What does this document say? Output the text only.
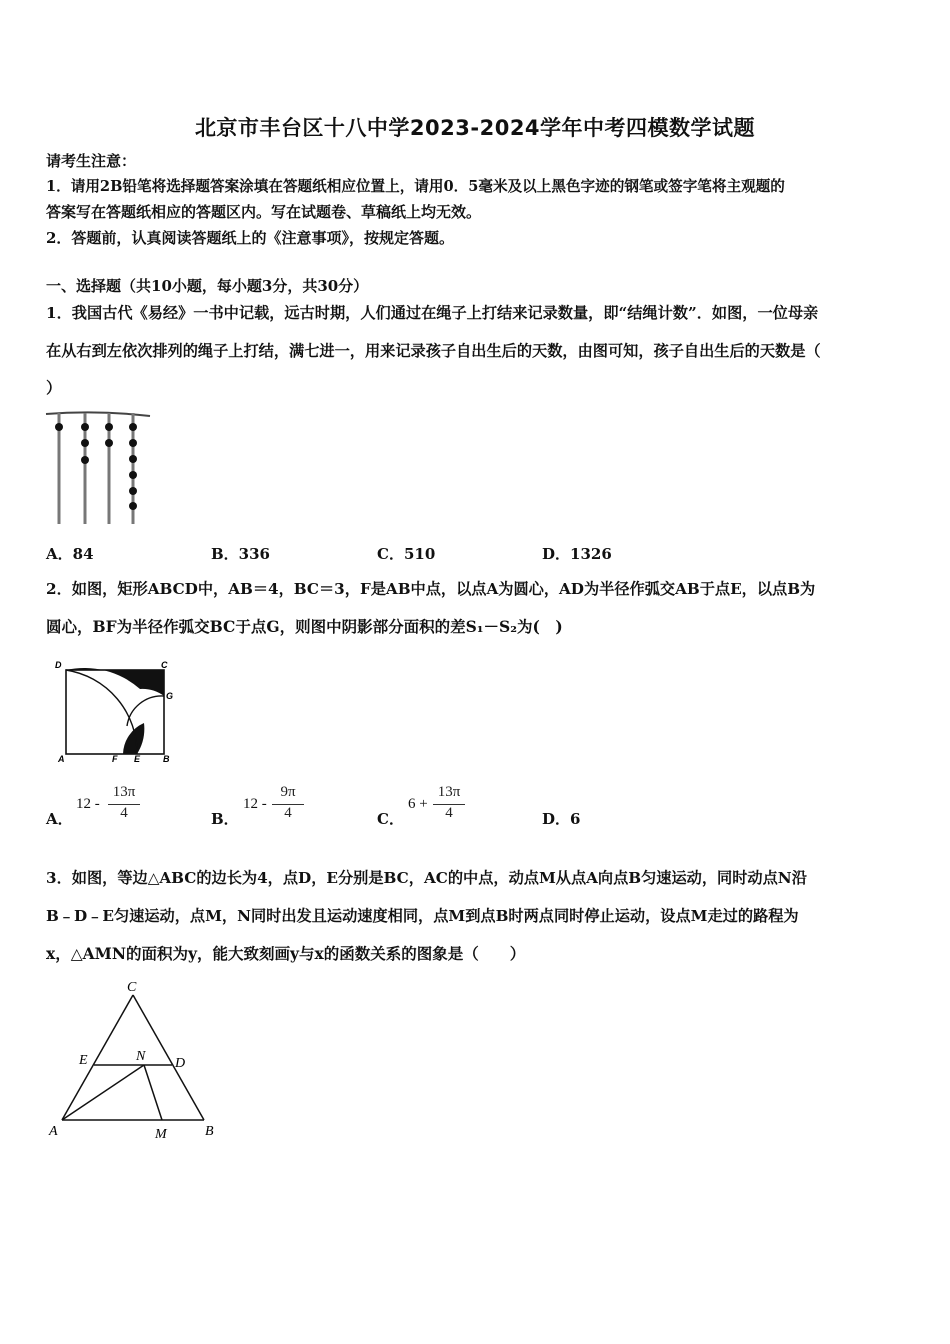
北京市丰台区十八中学2023-2024学年中考四模数学试题
请考生注意：
1．请用2B铅笔将选择题答案涂填在答题纸相应位置上，请用0．5毫米及以上黑色字迹的钢笔或签字笔将主观题的
答案写在答题纸相应的答题区内。写在试题卷、草稿纸上均无效。
2．答题前，认真阅读答题纸上的《注意事项》，按规定答题。
一、选择题（共10小题，每小题3分，共30分）
1．我国古代《易经》一书中记载，远古时期，人们通过在绳子上打结来记录数量，即“结绳计数”．如图，一位母亲
在从右到左依次排列的绳子上打结，满七进一，用来记录孩子自出生后的天数，由图可知，孩子自出生后的天数是（
）
A．84	B．336	C．510	D．1326
2．如图，矩形ABCD中，AB＝4，BC＝3，F是AB中点，以点A为圆心，AD为半径作弧交AB于点E，以点B为
圆心，BF为半径作弧交BC于点G，则图中阴影部分面积的差S₁－S₂为(　)
D	C
G
A	F E	B
A．
12 -
13π
4	B．
12 -
9π
4	C．
6 +
13π
4	D．6
3．如图，等边△ABC的边长为4，点D，E分别是BC，AC的中点，动点M从点A向点B匀速运动，同时动点N沿
B﹣D﹣E匀速运动，点M，N同时出发且运动速度相同，点M到点B时两点同时停止运动，设点M走过的路程为
x，△AMN的面积为y，能大致刻画y与x的函数关系的图象是（　　）
C
E	N D
A	M	B
